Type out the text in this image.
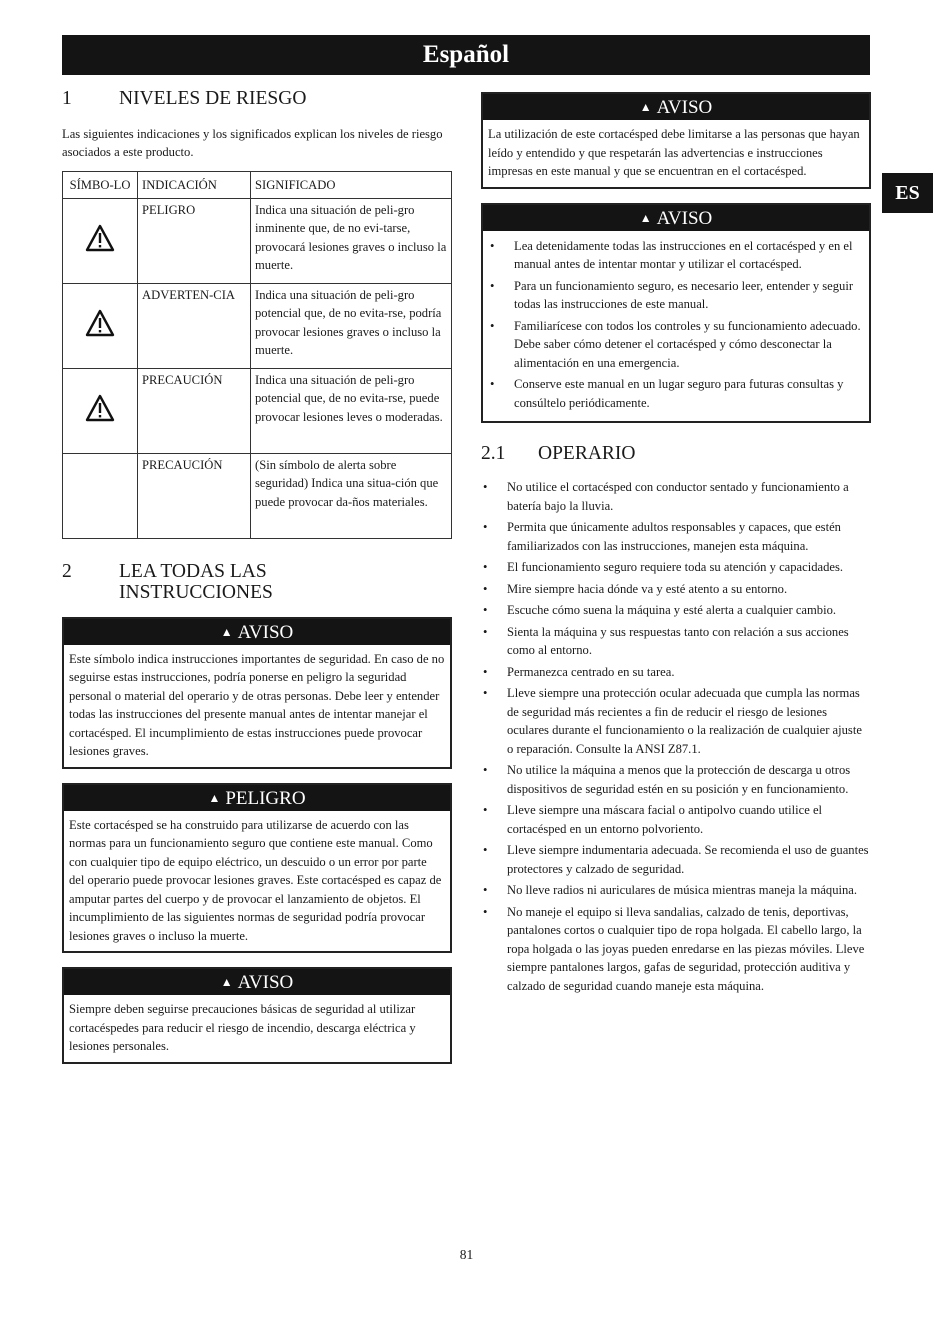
Español
ES
1	NIVELES DE RIESGO

Las siguientes indicaciones y los significados explican los niveles de riesgo asociados a este producto.

SÍMBO-LO	INDICACIÓN	SIGNIFICADO
	PELIGRO	Indica una situación de peli-gro inminente que, de no evi-tarse, provocará lesiones graves o incluso la muerte.
	ADVERTEN-CIA	Indica una situación de peli-gro potencial que, de no evita-rse, podría provocar lesiones graves o incluso la muerte.
	PRECAUCIÓN	Indica una situación de peli-gro potencial que, de no evita-rse, puede provocar lesiones leves o moderadas.
	PRECAUCIÓN	(Sin símbolo de alerta sobre seguridad) Indica una situa-ción que puede provocar da-ños materiales.
2	LEA TODAS LAS INSTRUCCIONES
▲ AVISO
Este símbolo indica instrucciones importantes de seguridad. En caso de no seguirse estas instrucciones, podría ponerse en peligro la seguridad personal o material del operario y de otras personas. Debe leer y entender todas las instrucciones del presente manual antes de intentar manejar el cortacésped. El incumplimiento de estas instrucciones puede provocar lesiones graves.
▲ PELIGRO
Este cortacésped se ha construido para utilizarse de acuerdo con las normas para un funcionamiento seguro que contiene este manual. Como con cualquier tipo de equipo eléctrico, un descuido o un error por parte del operario puede provocar lesiones graves. Este cortacésped es capaz de amputar partes del cuerpo y de provocar el lanzamiento de objetos. El incumplimiento de las siguientes normas de seguridad podría provocar lesiones graves o incluso la muerte.
▲ AVISO
Siempre deben seguirse precauciones básicas de seguridad al utilizar cortacéspedes para reducir el riesgo de incendio, descarga eléctrica y lesiones personales.
▲ AVISO
La utilización de este cortacésped debe limitarse a las personas que hayan leído y entendido y que respetarán las advertencias e instrucciones impresas en este manual y que se encuentran en el cortacésped.
▲ AVISO
• Lea detenidamente todas las instrucciones en el cortacésped y en el manual antes de intentar montar y utilizar el cortacésped.
• Para un funcionamiento seguro, es necesario leer, entender y seguir todas las instrucciones de este manual.
• Familiarícese con todos los controles y su funcionamiento adecuado. Debe saber cómo detener el cortacésped y cómo desconectar la alimentación en una emergencia.
• Conserve este manual en un lugar seguro para futuras consultas y consúltelo periódicamente.
2.1	OPERARIO
• No utilice el cortacésped con conductor sentado y funcionamiento a batería bajo la lluvia.
• Permita que únicamente adultos responsables y capaces, que estén familiarizados con las instrucciones, manejen esta máquina.
• El funcionamiento seguro requiere toda su atención y capacidades.
• Mire siempre hacia dónde va y esté atento a su entorno.
• Escuche cómo suena la máquina y esté alerta a cualquier cambio.
• Sienta la máquina y sus respuestas tanto con relación a sus acciones como al entorno.
• Permanezca centrado en su tarea.
• Lleve siempre una protección ocular adecuada que cumpla las normas de seguridad más recientes a fin de reducir el riesgo de lesiones oculares durante el funcionamiento o la realización de cualquier ajuste o reparación. Consulte la ANSI Z87.1.
• No utilice la máquina a menos que la protección de descarga u otros dispositivos de seguridad estén en su posición y en funcionamiento.
• Lleve siempre una máscara facial o antipolvo cuando utilice el cortacésped en un entorno polvoriento.
• Lleve siempre indumentaria adecuada. Se recomienda el uso de guantes protectores y calzado de seguridad.
• No lleve radios ni auriculares de música mientras maneja la máquina.
• No maneje el equipo si lleva sandalias, calzado de tenis, deportivas, pantalones cortos o cualquier tipo de ropa holgada. El cabello largo, la ropa holgada o las joyas pueden enredarse en las piezas móviles. Lleve siempre pantalones largos, gafas de seguridad, protección auditiva y calzado de seguridad cuando maneje esta máquina.
81
